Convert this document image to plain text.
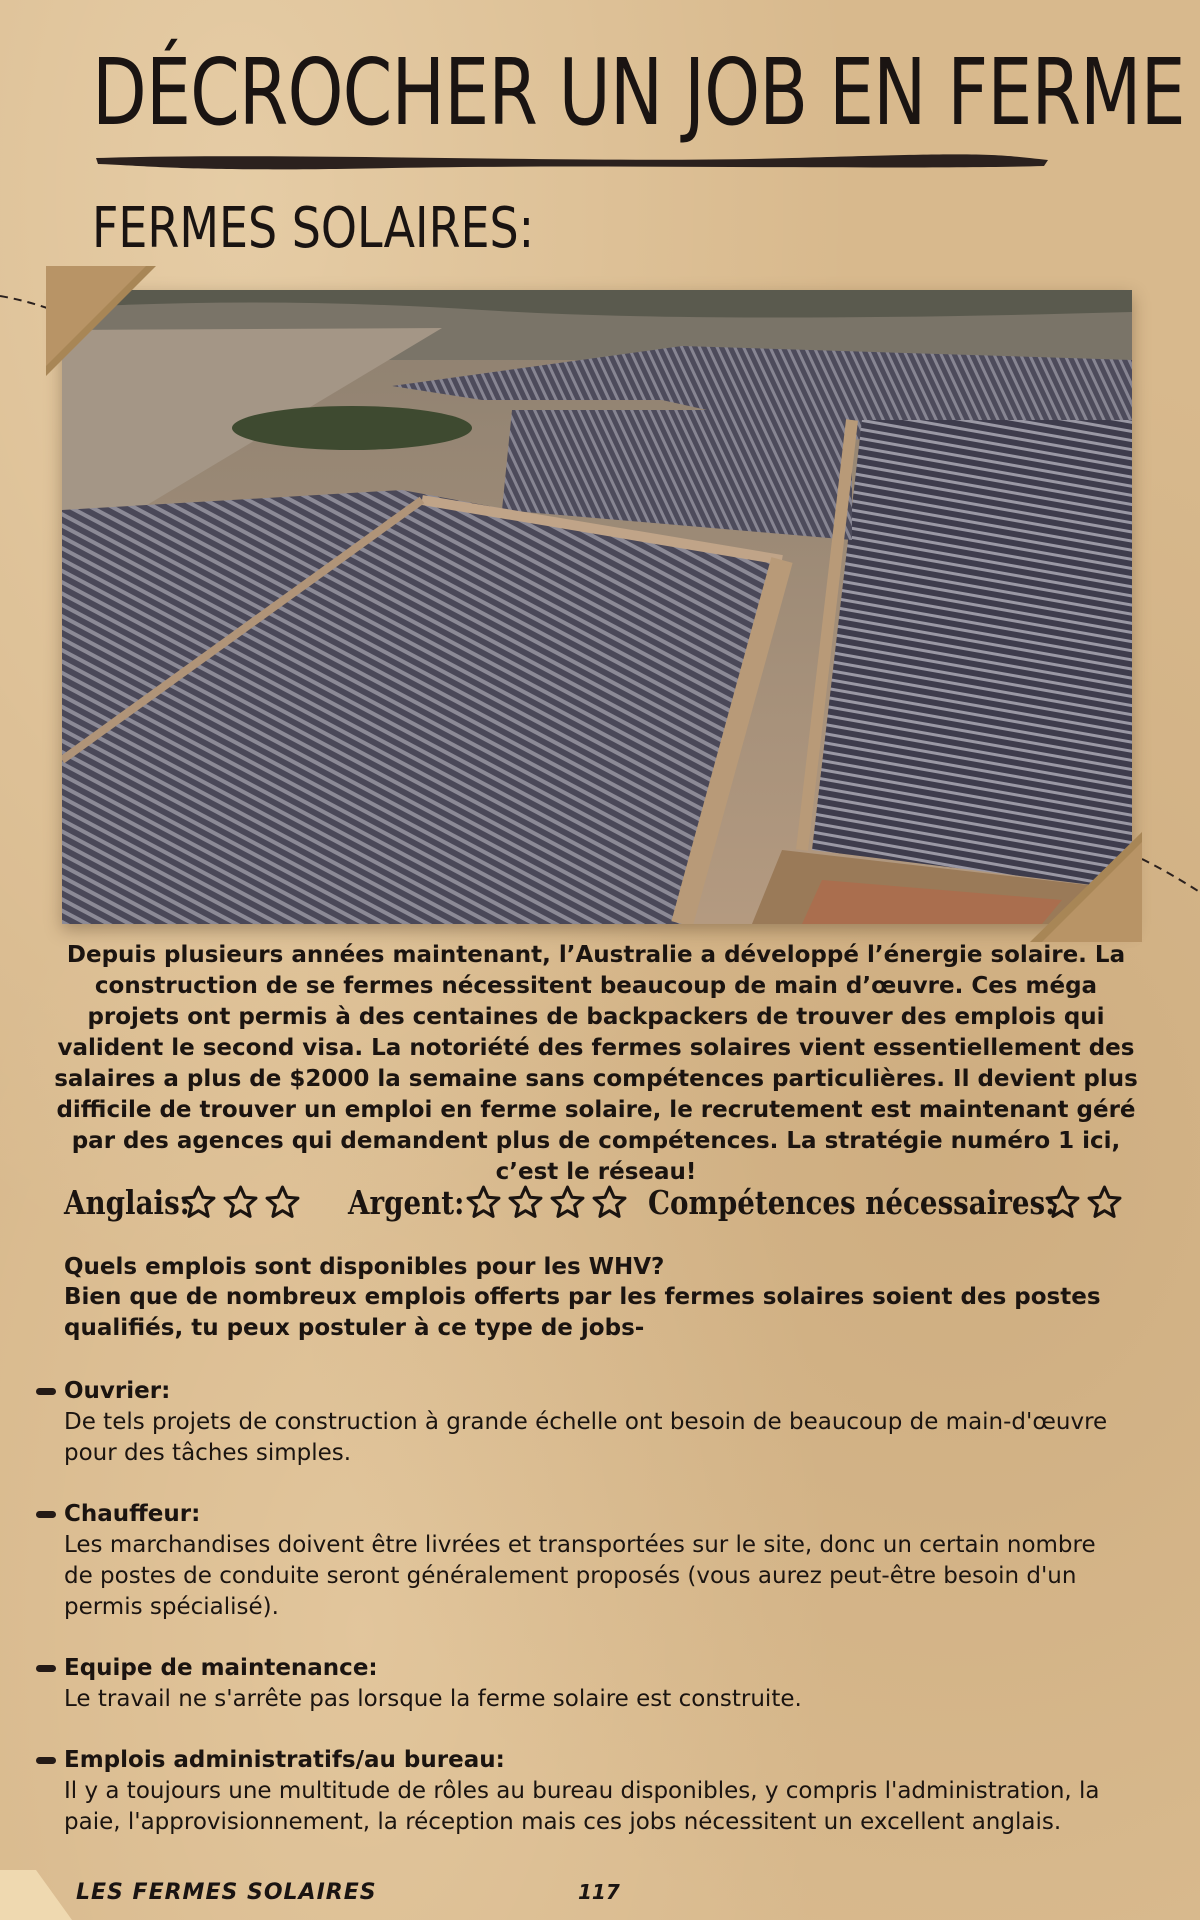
DÉCROCHER UN JOB EN FERME
FERMES SOLAIRES:
Depuis plusieurs années maintenant, l’Australie a développé l’énergie solaire. La construction de se fermes nécessitent beaucoup de main d’œuvre. Ces méga projets ont permis à des centaines de backpackers de trouver des emplois qui valident le second visa. La notoriété des fermes solaires vient essentiellement des salaires a plus de $2000 la semaine sans compétences particulières. Il devient plus difficile de trouver un emploi en ferme solaire, le recrutement est maintenant géré par des agences qui demandent plus de compétences. La stratégie numéro 1 ici, c’est le réseau!
Anglais:	Argent:	Compétences nécessaires:
Quels emplois sont disponibles pour les WHV?
Bien que de nombreux emplois offerts par les fermes solaires soient des postes qualifiés, tu peux postuler à ce type de jobs-
Ouvrier:
De tels projets de construction à grande échelle ont besoin de beaucoup de main-d'œuvre pour des tâches simples.
Chauffeur:
Les marchandises doivent être livrées et transportées sur le site, donc un certain nombre de postes de conduite seront généralement proposés (vous aurez peut-être besoin d'un permis spécialisé).
Equipe de maintenance:
Le travail ne s'arrête pas lorsque la ferme solaire est construite.
Emplois administratifs/au bureau:
Il y a toujours une multitude de rôles au bureau disponibles, y compris l'administration, la paie, l'approvisionnement, la réception mais ces jobs nécessitent un excellent anglais.
LES FERMES SOLAIRES	117
